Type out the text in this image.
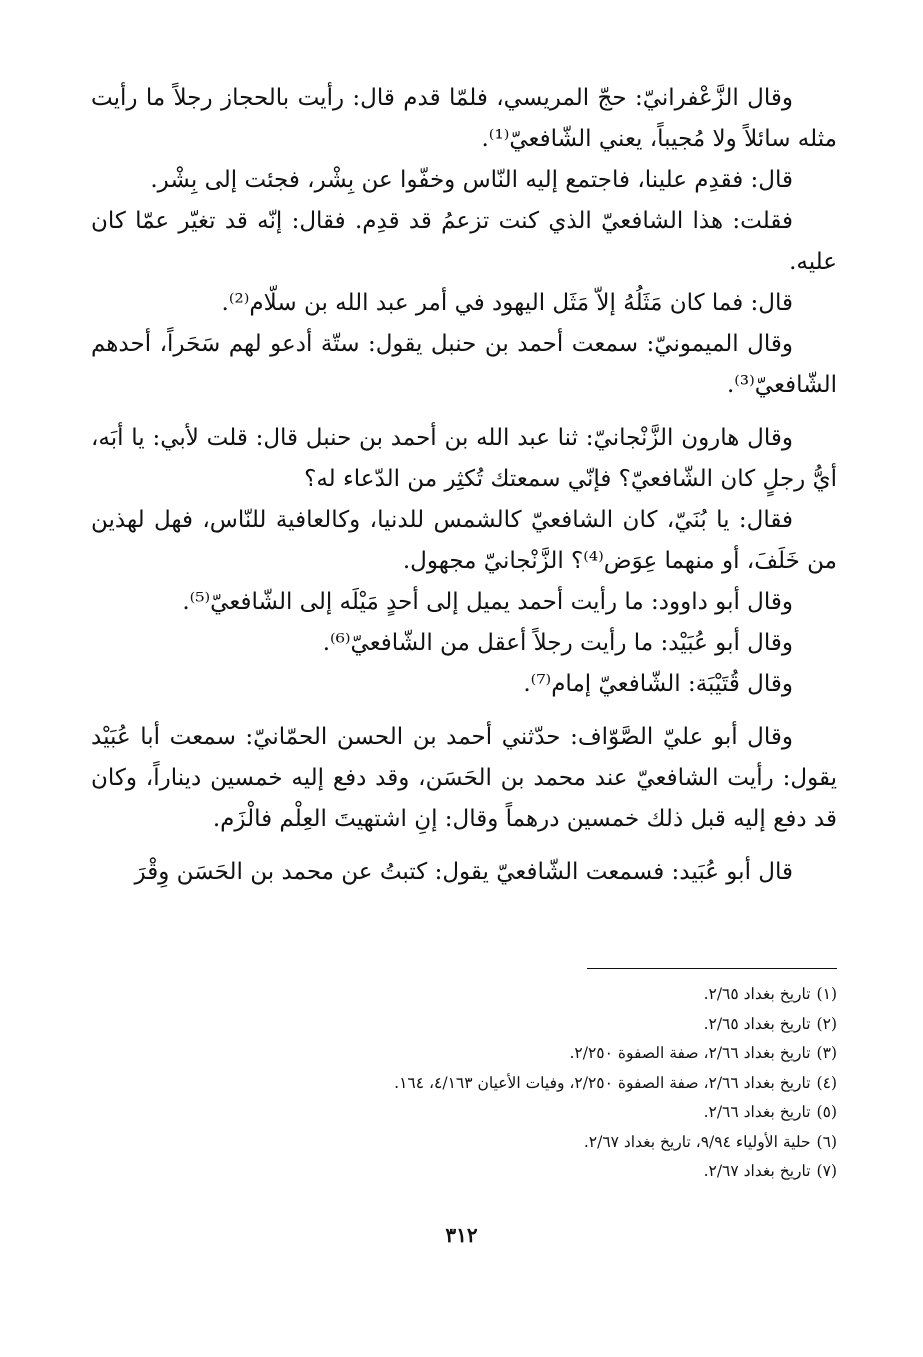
وقال الزَّعْفرانيّ: حجّ المريسي، فلمّا قدم قال: رأيت بالحجاز رجلاً ما رأيت مثله سائلاً ولا مُجيباً، يعني الشّافعيّ⁽¹⁾.

قال: فقدِم علينا، فاجتمع إليه النّاس وخفّوا عن بِشْر، فجئت إلى بِشْر.

فقلت: هذا الشافعيّ الذي كنت تزعمُ قد قدِم. فقال: إنّه قد تغيّر عمّا كان عليه.

قال: فما كان مَثَلُهُ إلاّ مَثَل اليهود في أمر عبد الله بن سلّام⁽²⁾.

وقال الميمونيّ: سمعت أحمد بن حنبل يقول: ستّة أدعو لهم سَحَراً، أحدهم الشّافعيّ⁽³⁾.

وقال هارون الزَّنْجانيّ: ثنا عبد الله بن أحمد بن حنبل قال: قلت لأبي: يا أبَه، أيُّ رجلٍ كان الشّافعيّ؟ فإنّي سمعتك تُكثِر من الدّعاء له؟

فقال: يا بُنَيّ، كان الشافعيّ كالشمس للدنيا، وكالعافية للنّاس، فهل لهذين من خَلَفَ، أو منهما عِوَض⁽⁴⁾؟ الزَّنْجانيّ مجهول.

وقال أبو داوود: ما رأيت أحمد يميل إلى أحدٍ مَيْلَه إلى الشّافعيّ⁽⁵⁾.

وقال أبو عُبَيْد: ما رأيت رجلاً أعقل من الشّافعيّ⁽⁶⁾.

وقال قُتَيْبَة: الشّافعيّ إمام⁽⁷⁾.

وقال أبو عليّ الصَّوّاف: حدّثني أحمد بن الحسن الحمّانيّ: سمعت أبا عُبَيْد يقول: رأيت الشافعيّ عند محمد بن الحَسَن، وقد دفع إليه خمسين ديناراً، وكان قد دفع إليه قبل ذلك خمسين درهماً وقال: إنِ اشتهيتَ العِلْم فالْزَم.

قال أبو عُبَيد: فسمعت الشّافعيّ يقول: كتبتُ عن محمد بن الحَسَن وِقْرَ

(١)تاريخ بغداد ٢/٦٥.

(٢)تاريخ بغداد ٢/٦٥.

(٣)تاريخ بغداد ٢/٦٦، صفة الصفوة ٢/٢٥٠.

(٤)تاريخ بغداد ٢/٦٦، صفة الصفوة ٢/٢٥٠، وفيات الأعيان ٤/١٦٣، ١٦٤.

(٥)تاريخ بغداد ٢/٦٦.

(٦)حلية الأولياء ٩/٩٤، تاريخ بغداد ٢/٦٧.

(٧)تاريخ بغداد ٢/٦٧.

٣١٢
